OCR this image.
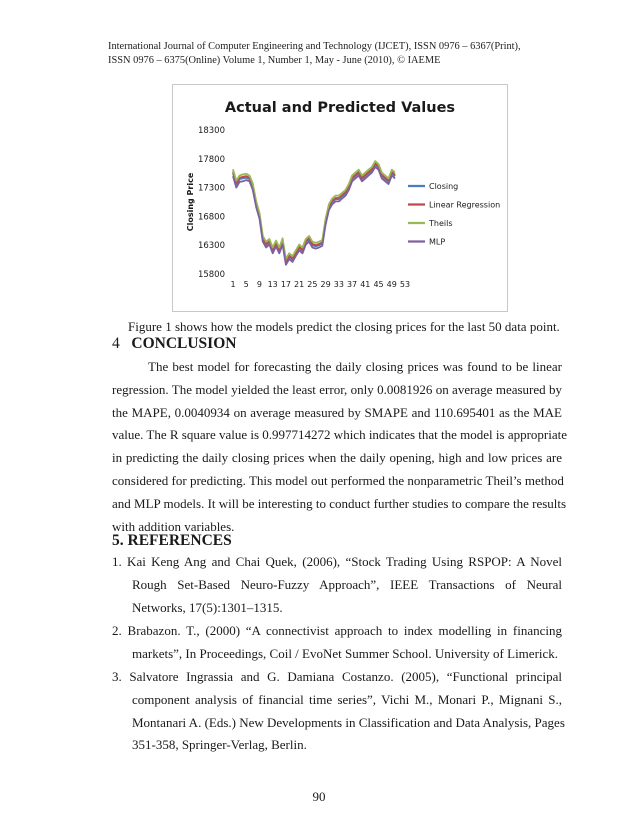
International Journal of Computer Engineering and Technology (IJCET), ISSN 0976 – 6367(Print),
ISSN 0976 – 6375(Online) Volume 1, Number 1, May - June (2010), © IAEME
Actual and Predicted Values
Closing Price
18300
17800
17300
16800
16300
15800
1 5 9 13 17 21 25 29 33 37 41 45 49 53
Closing
Linear Regression
Theils
MLP
Figure 1 shows how the models predict the closing prices for the last 50 data point.
4 CONCLUSION
The best model for forecasting the daily closing prices was found to be linear
regression. The model yielded the least error, only 0.0081926 on average measured by
the MAPE, 0.0040934 on average measured by SMAPE and 110.695401 as the MAE
value. The R square value is 0.997714272 which indicates that the model is appropriate
in predicting the daily closing prices when the daily opening, high and low prices are
considered for predicting. This model out performed the nonparametric Theil’s method
and MLP models. It will be interesting to conduct further studies to compare the results
with addition variables.
5. REFERENCES
1. Kai Keng Ang and Chai Quek, (2006), “Stock Trading Using RSPOP: A Novel
Rough Set-Based Neuro-Fuzzy Approach”, IEEE Transactions of Neural
Networks, 17(5):1301–1315.
2. Brabazon. T., (2000) “A connectivist approach to index modelling in financing
markets”, In Proceedings, Coil / EvoNet Summer School. University of Limerick.
3. Salvatore Ingrassia and G. Damiana Costanzo. (2005), “Functional principal
component analysis of financial time series”, Vichi M., Monari P., Mignani S.,
Montanari A. (Eds.) New Developments in Classification and Data Analysis, Pages
351-358, Springer-Verlag, Berlin.
90
